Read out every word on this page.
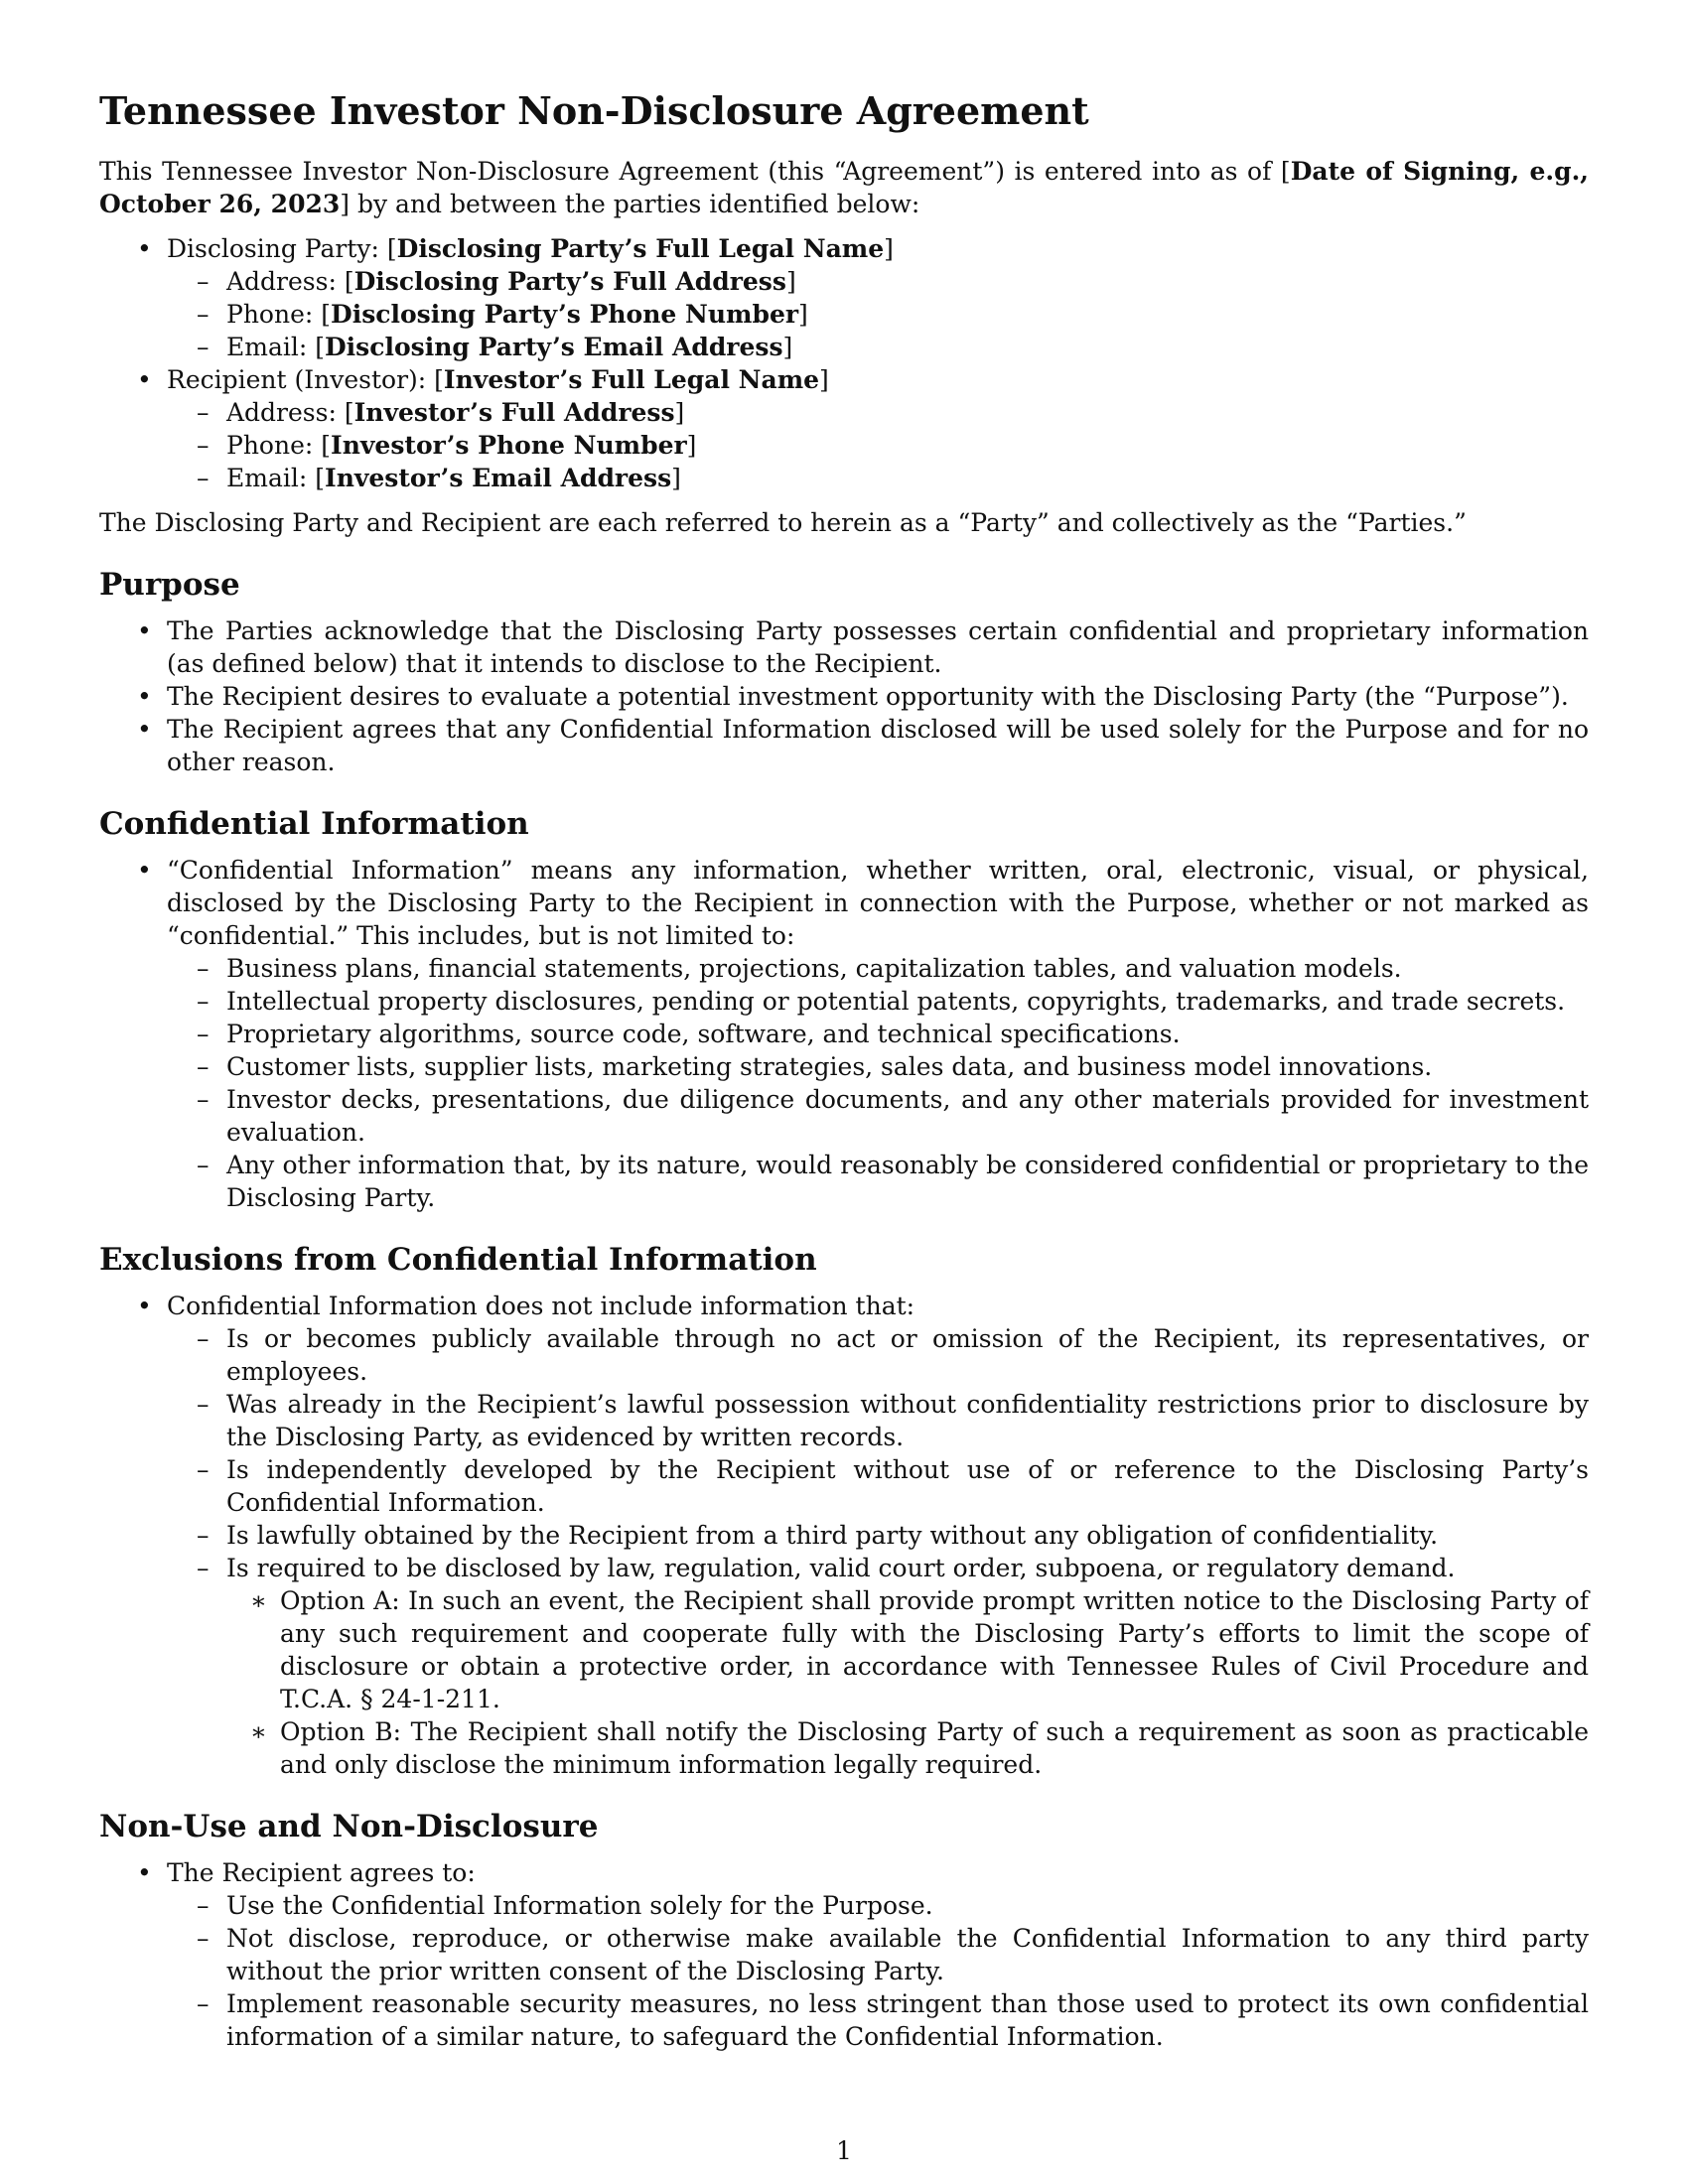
Tennessee Investor Non-Disclosure Agreement

This Tennessee Investor Non-Disclosure Agreement (this “Agreement”) is entered into as of [Date of Signing, e.g., October 26, 2023] by and between the parties identified below:

• Disclosing Party: [Disclosing Party’s Full Legal Name]
– Address: [Disclosing Party’s Full Address]
– Phone: [Disclosing Party’s Phone Number]
– Email: [Disclosing Party’s Email Address]
• Recipient (Investor): [Investor’s Full Legal Name]
– Address: [Investor’s Full Address]
– Phone: [Investor’s Phone Number]
– Email: [Investor’s Email Address]

The Disclosing Party and Recipient are each referred to herein as a “Party” and collectively as the “Parties.”

Purpose
• The Parties acknowledge that the Disclosing Party possesses certain confidential and proprietary information (as defined below) that it intends to disclose to the Recipient.
• The Recipient desires to evaluate a potential investment opportunity with the Disclosing Party (the “Purpose”).
• The Recipient agrees that any Confidential Information disclosed will be used solely for the Purpose and for no other reason.
Confidential Information
• “Confidential Information” means any information, whether written, oral, electronic, visual, or physical, disclosed by the Disclosing Party to the Recipient in connection with the Purpose, whether or not marked as “confidential.” This includes, but is not limited to:
– Business plans, financial statements, projections, capitalization tables, and valuation models.
– Intellectual property disclosures, pending or potential patents, copyrights, trademarks, and trade secrets.
– Proprietary algorithms, source code, software, and technical specifications.
– Customer lists, supplier lists, marketing strategies, sales data, and business model innovations.
– Investor decks, presentations, due diligence documents, and any other materials provided for investment evaluation.
– Any other information that, by its nature, would reasonably be considered confidential or proprietary to the Disclosing Party.
Exclusions from Confidential Information
• Confidential Information does not include information that:
– Is or becomes publicly available through no act or omission of the Recipient, its representatives, or employees.
– Was already in the Recipient’s lawful possession without confidentiality restrictions prior to disclosure by the Disclosing Party, as evidenced by written records.
– Is independently developed by the Recipient without use of or reference to the Disclosing Party’s Confidential Information.
– Is lawfully obtained by the Recipient from a third party without any obligation of confidentiality.
– Is required to be disclosed by law, regulation, valid court order, subpoena, or regulatory demand.
∗ Option A: In such an event, the Recipient shall provide prompt written notice to the Disclosing Party of any such requirement and cooperate fully with the Disclosing Party’s efforts to limit the scope of disclosure or obtain a protective order, in accordance with Tennessee Rules of Civil Procedure and T.C.A. § 24-1-211.
∗ Option B: The Recipient shall notify the Disclosing Party of such a requirement as soon as practicable and only disclose the minimum information legally required.
Non-Use and Non-Disclosure
• The Recipient agrees to:
– Use the Confidential Information solely for the Purpose.
– Not disclose, reproduce, or otherwise make available the Confidential Information to any third party without the prior written consent of the Disclosing Party.
– Implement reasonable security measures, no less stringent than those used to protect its own confidential information of a similar nature, to safeguard the Confidential Information.
1
